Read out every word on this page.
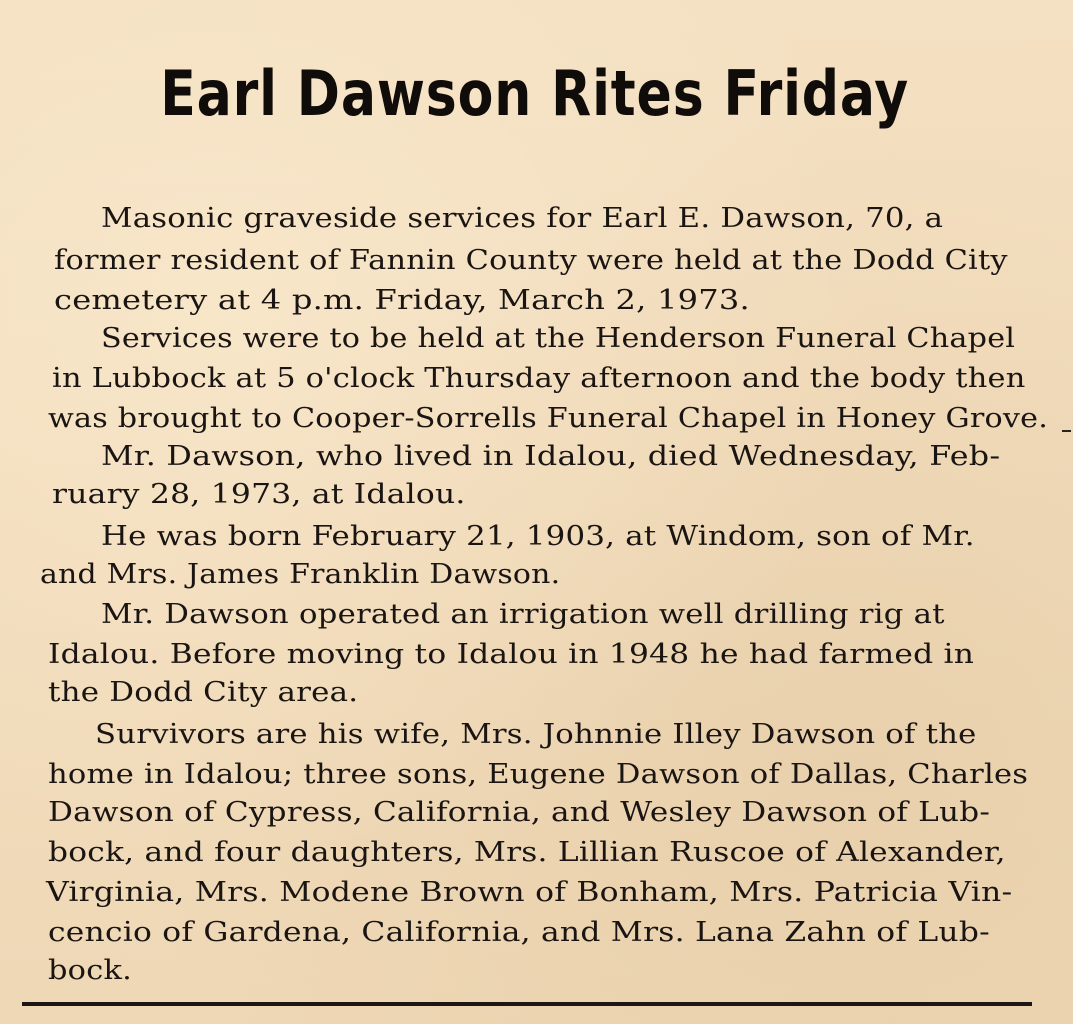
Earl Dawson Rites Friday
Masonic graveside services for Earl E. Dawson, 70, a
former resident of Fannin County were held at the Dodd City
cemetery at 4 p.m. Friday, March 2, 1973.
Services were to be held at the Henderson Funeral Chapel
in Lubbock at 5 o'clock Thursday afternoon and the body then
was brought to Cooper-Sorrells Funeral Chapel in Honey Grove.
Mr. Dawson, who lived in Idalou, died Wednesday, Feb-
ruary 28, 1973, at Idalou.
He was born February 21, 1903, at Windom, son of Mr.
and Mrs. James Franklin Dawson.
Mr. Dawson operated an irrigation well drilling rig at
Idalou. Before moving to Idalou in 1948 he had farmed in
the Dodd City area.
Survivors are his wife, Mrs. Johnnie Illey Dawson of the
home in Idalou; three sons, Eugene Dawson of Dallas, Charles
Dawson of Cypress, California, and Wesley Dawson of Lub-
bock, and four daughters, Mrs. Lillian Ruscoe of Alexander,
Virginia, Mrs. Modene Brown of Bonham, Mrs. Patricia Vin-
cencio of Gardena, California, and Mrs. Lana Zahn of Lub-
bock.
